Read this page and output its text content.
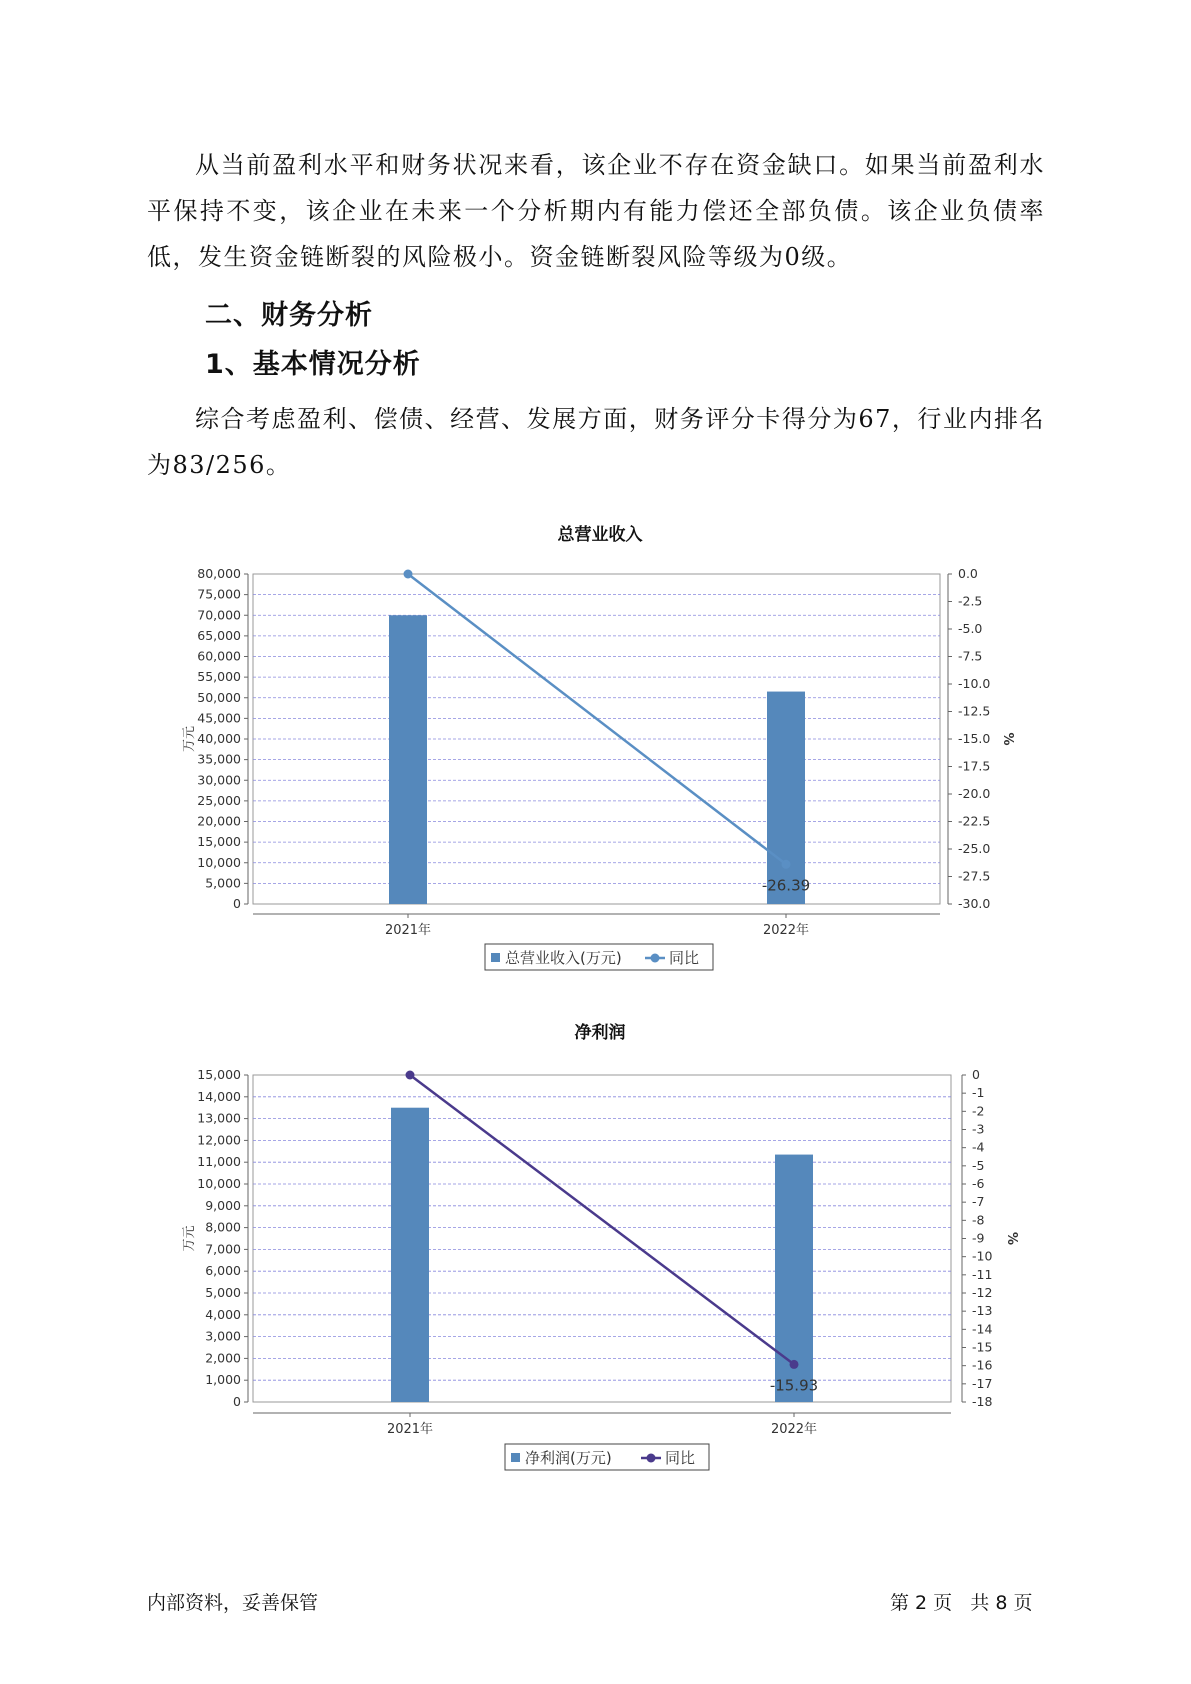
从当前盈利水平和财务状况来看，该企业不存在资金缺口。如果当前盈利水平保持不变，该企业在未来一个分析期内有能力偿还全部负债。该企业负债率低，发生资金链断裂的风险极小。资金链断裂风险等级为0级。

二、财务分析
1、基本情况分析

综合考虑盈利、偿债、经营、发展方面，财务评分卡得分为67，行业内排名为83/256。

总营业收入
净利润
0
5,000
10,000
15,000
20,000
25,000
30,000
35,000
40,000
45,000
50,000
55,000
60,000
65,000
70,000
75,000
80,000	0.0
-2.5
-5.0
-7.5
-10.0
-12.5
-15.0
-17.5
-20.0
-22.5
-25.0
-27.5
-30.0
2021年	2022年
万元	%
-26.39
总营业收入(万元)	同比
0
1,000
2,000
3,000
4,000
5,000
6,000
7,000
8,000
9,000
10,000
11,000
12,000
13,000
14,000
15,000	0
-1
-2
-3
-4
-5
-6
-7
-8
-9
-10
-11
-12
-13
-14
-15
-16
-17
-18
2021年	2022年
万元	%
-15.93
净利润(万元)	同比
内部资料，妥善保管	第 2 页   共 8 页
